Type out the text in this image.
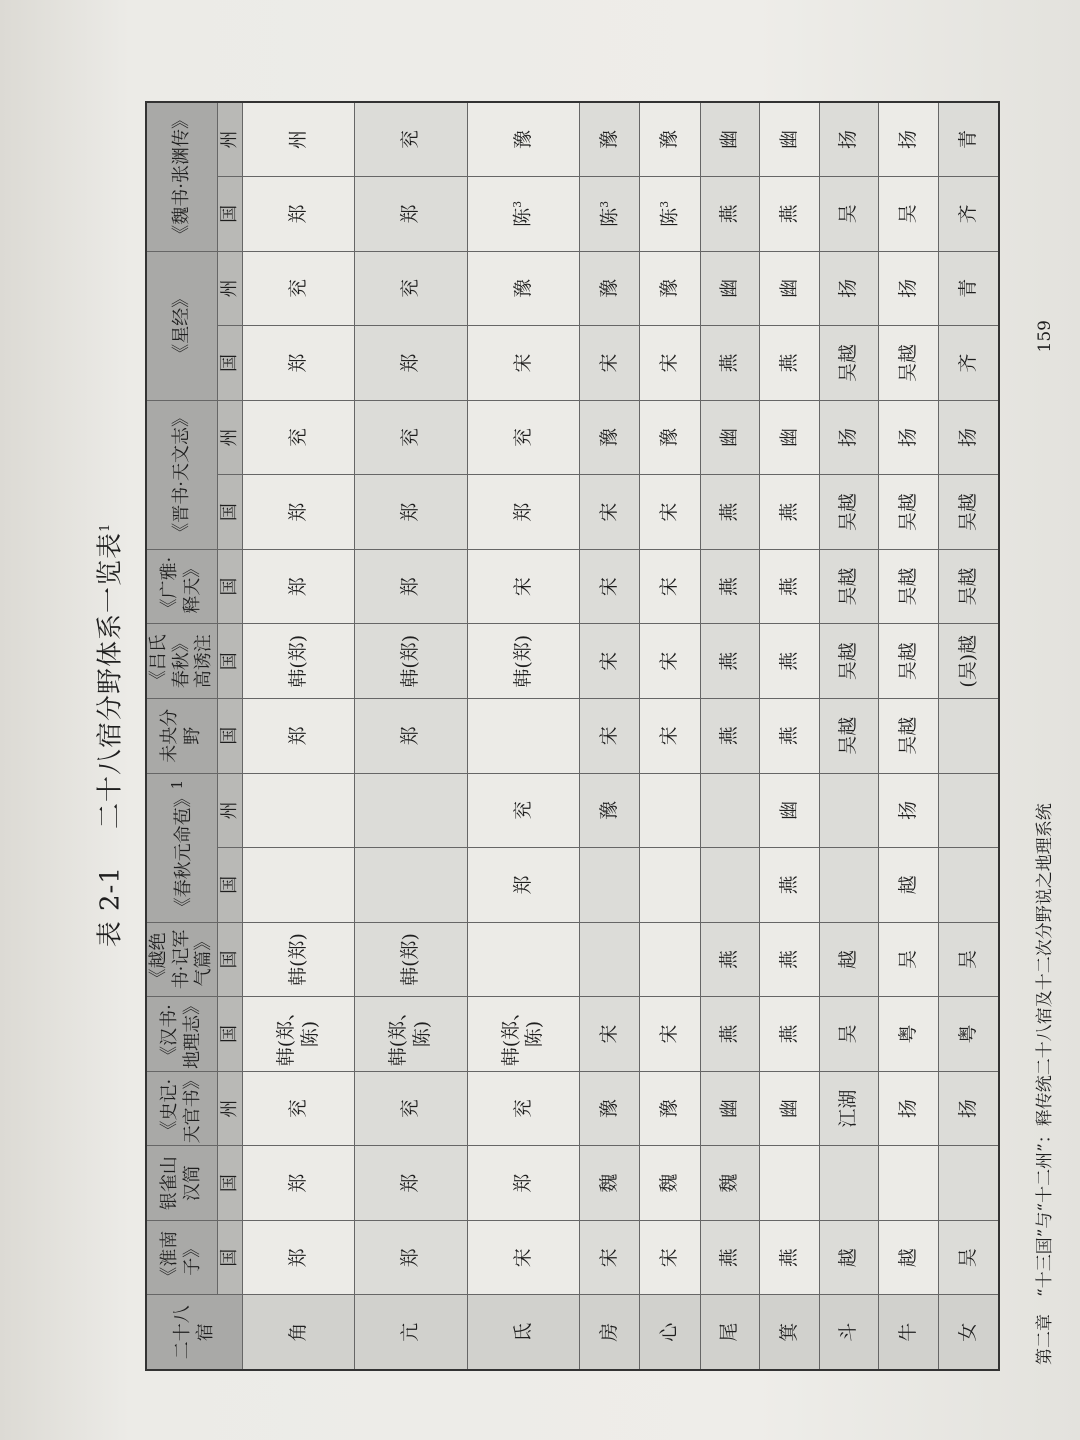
表 2-1    二十八宿分野体系一览表$^1$
二十八宿	《淮南子》	银雀山汉简	《史记·天官书》	《汉书·地理志》	《越绝书·记军气篇》	《春秋元命苞》$^1$		未央分野	《吕氏春秋》高诱注	《广雅·释天》	《晋书·天文志》		《星经》		《魏书·张渊传》	
	国	国	州	国	国	国	州	国	国	国	国	州	国	州	国	州
角	郑	郑	兖	韩(郑、陈)	韩(郑)			郑	韩(郑)	郑	郑	兖	郑	兖	郑	州
亢	郑	郑	兖	韩(郑、陈)	韩(郑)			郑	韩(郑)	郑	郑	兖	郑	兖	郑	兖
氐	宋	郑	兖	韩(郑、陈)		郑	兖		韩(郑)	宋	郑	兖	宋	豫	陈$^3$	豫
房	宋	魏	豫	宋			豫	宋	宋	宋	宋	豫	宋	豫	陈$^3$	豫
心	宋	魏	豫	宋				宋	宋	宋	宋	豫	宋	豫	陈$^3$	豫
尾	燕	魏	幽	燕	燕			燕	燕	燕	燕	幽	燕	幽	燕	幽
箕	燕		幽	燕	燕	燕	幽	燕	燕	燕	燕	幽	燕	幽	燕	幽
斗	越		江湖	吴	越			吴越	吴越	吴越	吴越	扬	吴越	扬	吴	扬
牛	越		扬	粤	吴	越	扬	吴越	吴越	吴越	吴越	扬	吴越	扬	吴	扬
女	吴		扬	粤	吴				(吴)越	吴越	吴越	扬	齐	青	齐	青
第二章　“十三国”与“十二州”：释传统二十八宿及十二次分野说之地理系统
159
